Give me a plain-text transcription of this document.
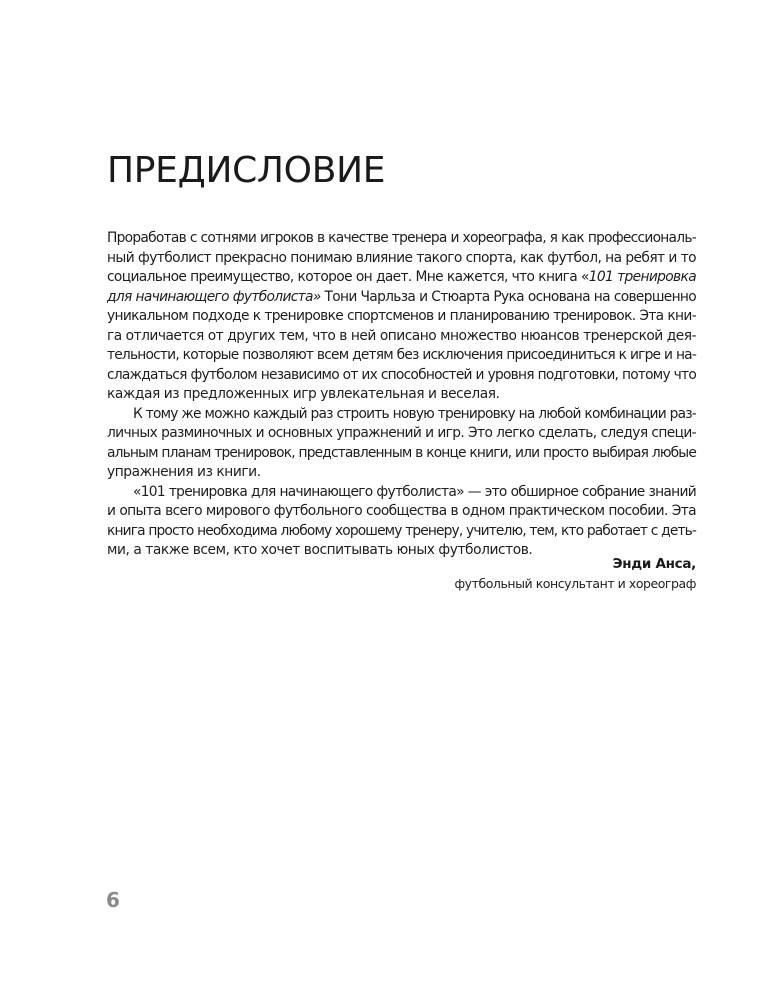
ПРЕДИСЛОВИЕ
Проработав с сотнями игроков в качестве тренера и хореографа, я как профессиональ-
ный футболист прекрасно понимаю влияние такого спорта, как футбол, на ребят и то
социальное преимущество, которое он дает. Мне кажется, что книга «101 тренировка
для начинающего футболиста» Тони Чарльза и Стюарта Рука основана на совершенно
уникальном подходе к тренировке спортсменов и планированию тренировок. Эта кни-
га отличается от других тем, что в ней описано множество нюансов тренерской дея-
тельности, которые позволяют всем детям без исключения присоединиться к игре и на-
слаждаться футболом независимо от их способностей и уровня подготовки, потому что
каждая из предложенных игр увлекательная и веселая.
К тому же можно каждый раз строить новую тренировку на любой комбинации раз-
личных разминочных и основных упражнений и игр. Это легко сделать, следуя специ-
альным планам тренировок, представленным в конце книги, или просто выбирая любые
упражнения из книги.
«101 тренировка для начинающего футболиста» — это обширное собрание знаний
и опыта всего мирового футбольного сообщества в одном практическом пособии. Эта
книга просто необходима любому хорошему тренеру, учителю, тем, кто работает с деть-
ми, а также всем, кто хочет воспитывать юных футболистов.
Энди Анса,
футбольный консультант и хореограф
6
